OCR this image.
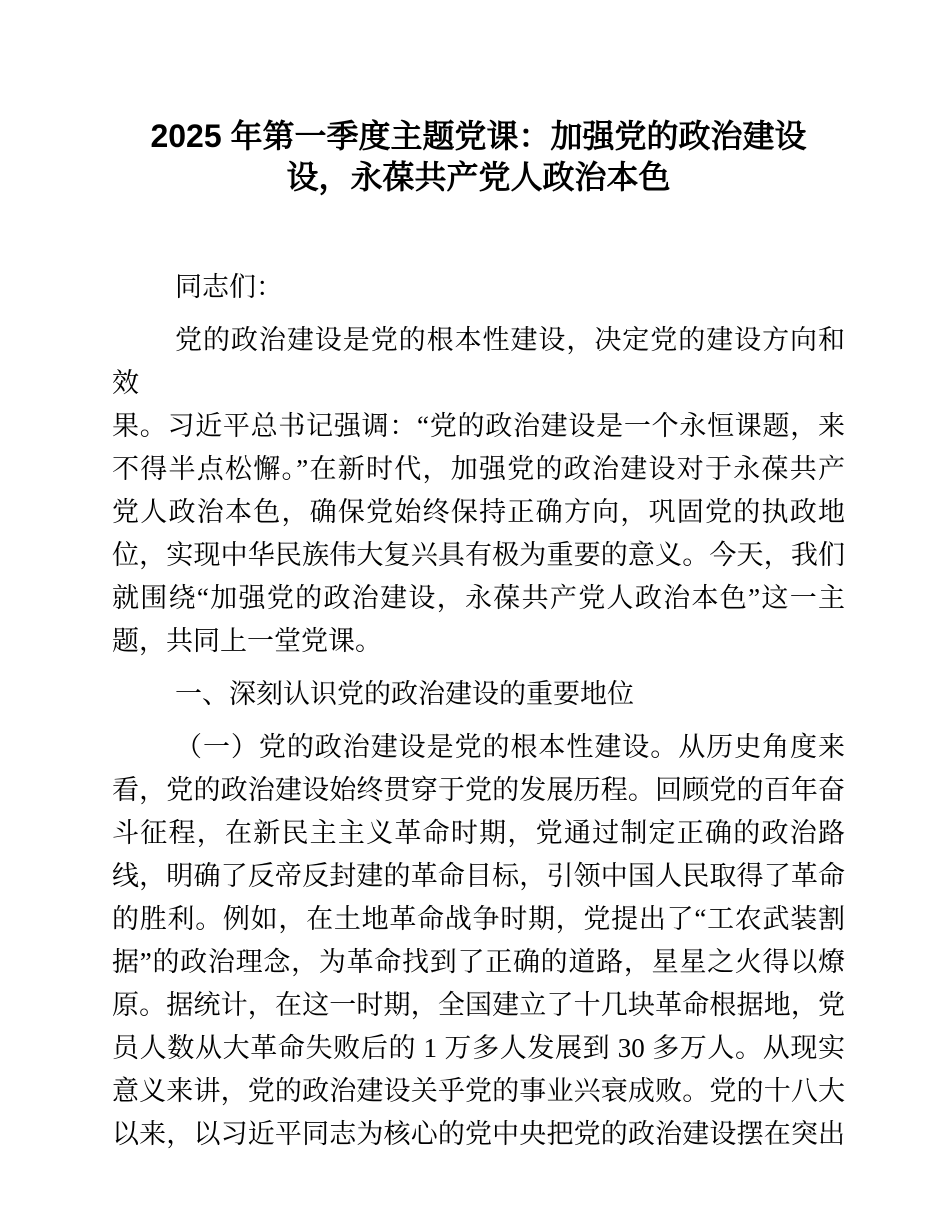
2025 年第一季度主题党课：加强党的政治建设
设，永葆共产党人政治本色
同志们：
党的政治建设是党的根本性建设，决定党的建设方向和效
果。习近平总书记强调：“党的政治建设是一个永恒课题，来
不得半点松懈。”在新时代，加强党的政治建设对于永葆共产
党人政治本色，确保党始终保持正确方向，巩固党的执政地
位，实现中华民族伟大复兴具有极为重要的意义。今天，我们
就围绕“加强党的政治建设，永葆共产党人政治本色”这一主
题，共同上一堂党课。
一、深刻认识党的政治建设的重要地位
（一）党的政治建设是党的根本性建设。从历史角度来
看，党的政治建设始终贯穿于党的发展历程。回顾党的百年奋
斗征程，在新民主主义革命时期，党通过制定正确的政治路
线，明确了反帝反封建的革命目标，引领中国人民取得了革命
的胜利。例如，在土地革命战争时期，党提出了“工农武装割
据”的政治理念，为革命找到了正确的道路，星星之火得以燎
原。据统计，在这一时期，全国建立了十几块革命根据地，党
员人数从大革命失败后的 1 万多人发展到 30 多万人。从现实
意义来讲，党的政治建设关乎党的事业兴衰成败。党的十八大
以来，以习近平同志为核心的党中央把党的政治建设摆在突出
